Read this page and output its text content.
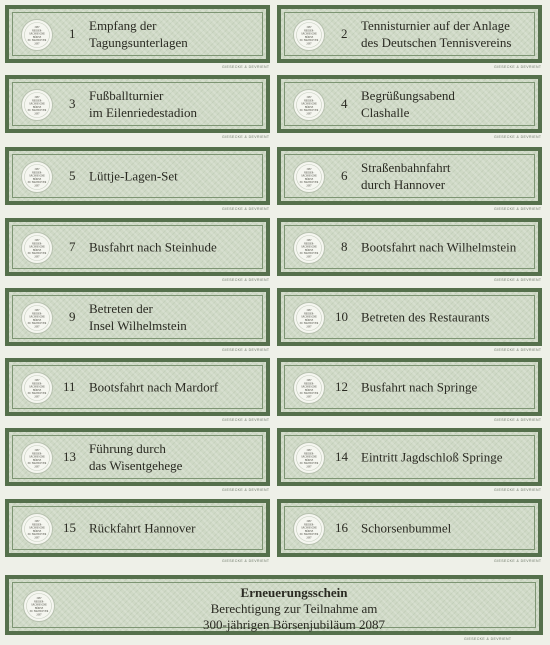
1987
NIEDER-
SÄCHSISCHE
BÖRSE
ZU HANNOVER
2087
1
Empfang der
Tagungsunterlagen
GIESECKE & DEVRIENT
1987
NIEDER-
SÄCHSISCHE
BÖRSE
ZU HANNOVER
2087
2
Tennisturnier auf der Anlage
des Deutschen Tennisvereins
GIESECKE & DEVRIENT
1987
NIEDER-
SÄCHSISCHE
BÖRSE
ZU HANNOVER
2087
3
Fußballturnier
im Eilenriedestadion
GIESECKE & DEVRIENT
1987
NIEDER-
SÄCHSISCHE
BÖRSE
ZU HANNOVER
2087
4
Begrüßungsabend
Clashalle
GIESECKE & DEVRIENT
1987
NIEDER-
SÄCHSISCHE
BÖRSE
ZU HANNOVER
2087
5 Lüttje-Lagen-Set
GIESECKE & DEVRIENT
1987
NIEDER-
SÄCHSISCHE
BÖRSE
ZU HANNOVER
2087
6
Straßenbahnfahrt
durch Hannover
GIESECKE & DEVRIENT
1987
NIEDER-
SÄCHSISCHE
BÖRSE
ZU HANNOVER
2087
7 Busfahrt nach Steinhude
GIESECKE & DEVRIENT
1987
NIEDER-
SÄCHSISCHE
BÖRSE
ZU HANNOVER
2087
8 Bootsfahrt nach Wilhelmstein
GIESECKE & DEVRIENT
1987
NIEDER-
SÄCHSISCHE
BÖRSE
ZU HANNOVER
2087
9
Betreten der
Insel Wilhelmstein
GIESECKE & DEVRIENT
1987
NIEDER-
SÄCHSISCHE
BÖRSE
ZU HANNOVER
2087
10 Betreten des Restaurants
GIESECKE & DEVRIENT
1987
NIEDER-
SÄCHSISCHE
BÖRSE
ZU HANNOVER
2087
11 Bootsfahrt nach Mardorf
GIESECKE & DEVRIENT
1987
NIEDER-
SÄCHSISCHE
BÖRSE
ZU HANNOVER
2087
12 Busfahrt nach Springe
GIESECKE & DEVRIENT
1987
NIEDER-
SÄCHSISCHE
BÖRSE
ZU HANNOVER
2087
13
Führung durch
das Wisentgehege
GIESECKE & DEVRIENT
1987
NIEDER-
SÄCHSISCHE
BÖRSE
ZU HANNOVER
2087
14 Eintritt Jagdschloß Springe
GIESECKE & DEVRIENT
1987
NIEDER-
SÄCHSISCHE
BÖRSE
ZU HANNOVER
2087
15 Rückfahrt Hannover
GIESECKE & DEVRIENT
1987
NIEDER-
SÄCHSISCHE
BÖRSE
ZU HANNOVER
2087
16 Schorsenbummel
GIESECKE & DEVRIENT
1987
NIEDER-
SÄCHSISCHE
BÖRSE
ZU HANNOVER
2087
Erneuerungsschein
Berechtigung zur Teilnahme am
300-jährigen Börsenjubiläum 2087
GIESECKE & DEVRIENT
